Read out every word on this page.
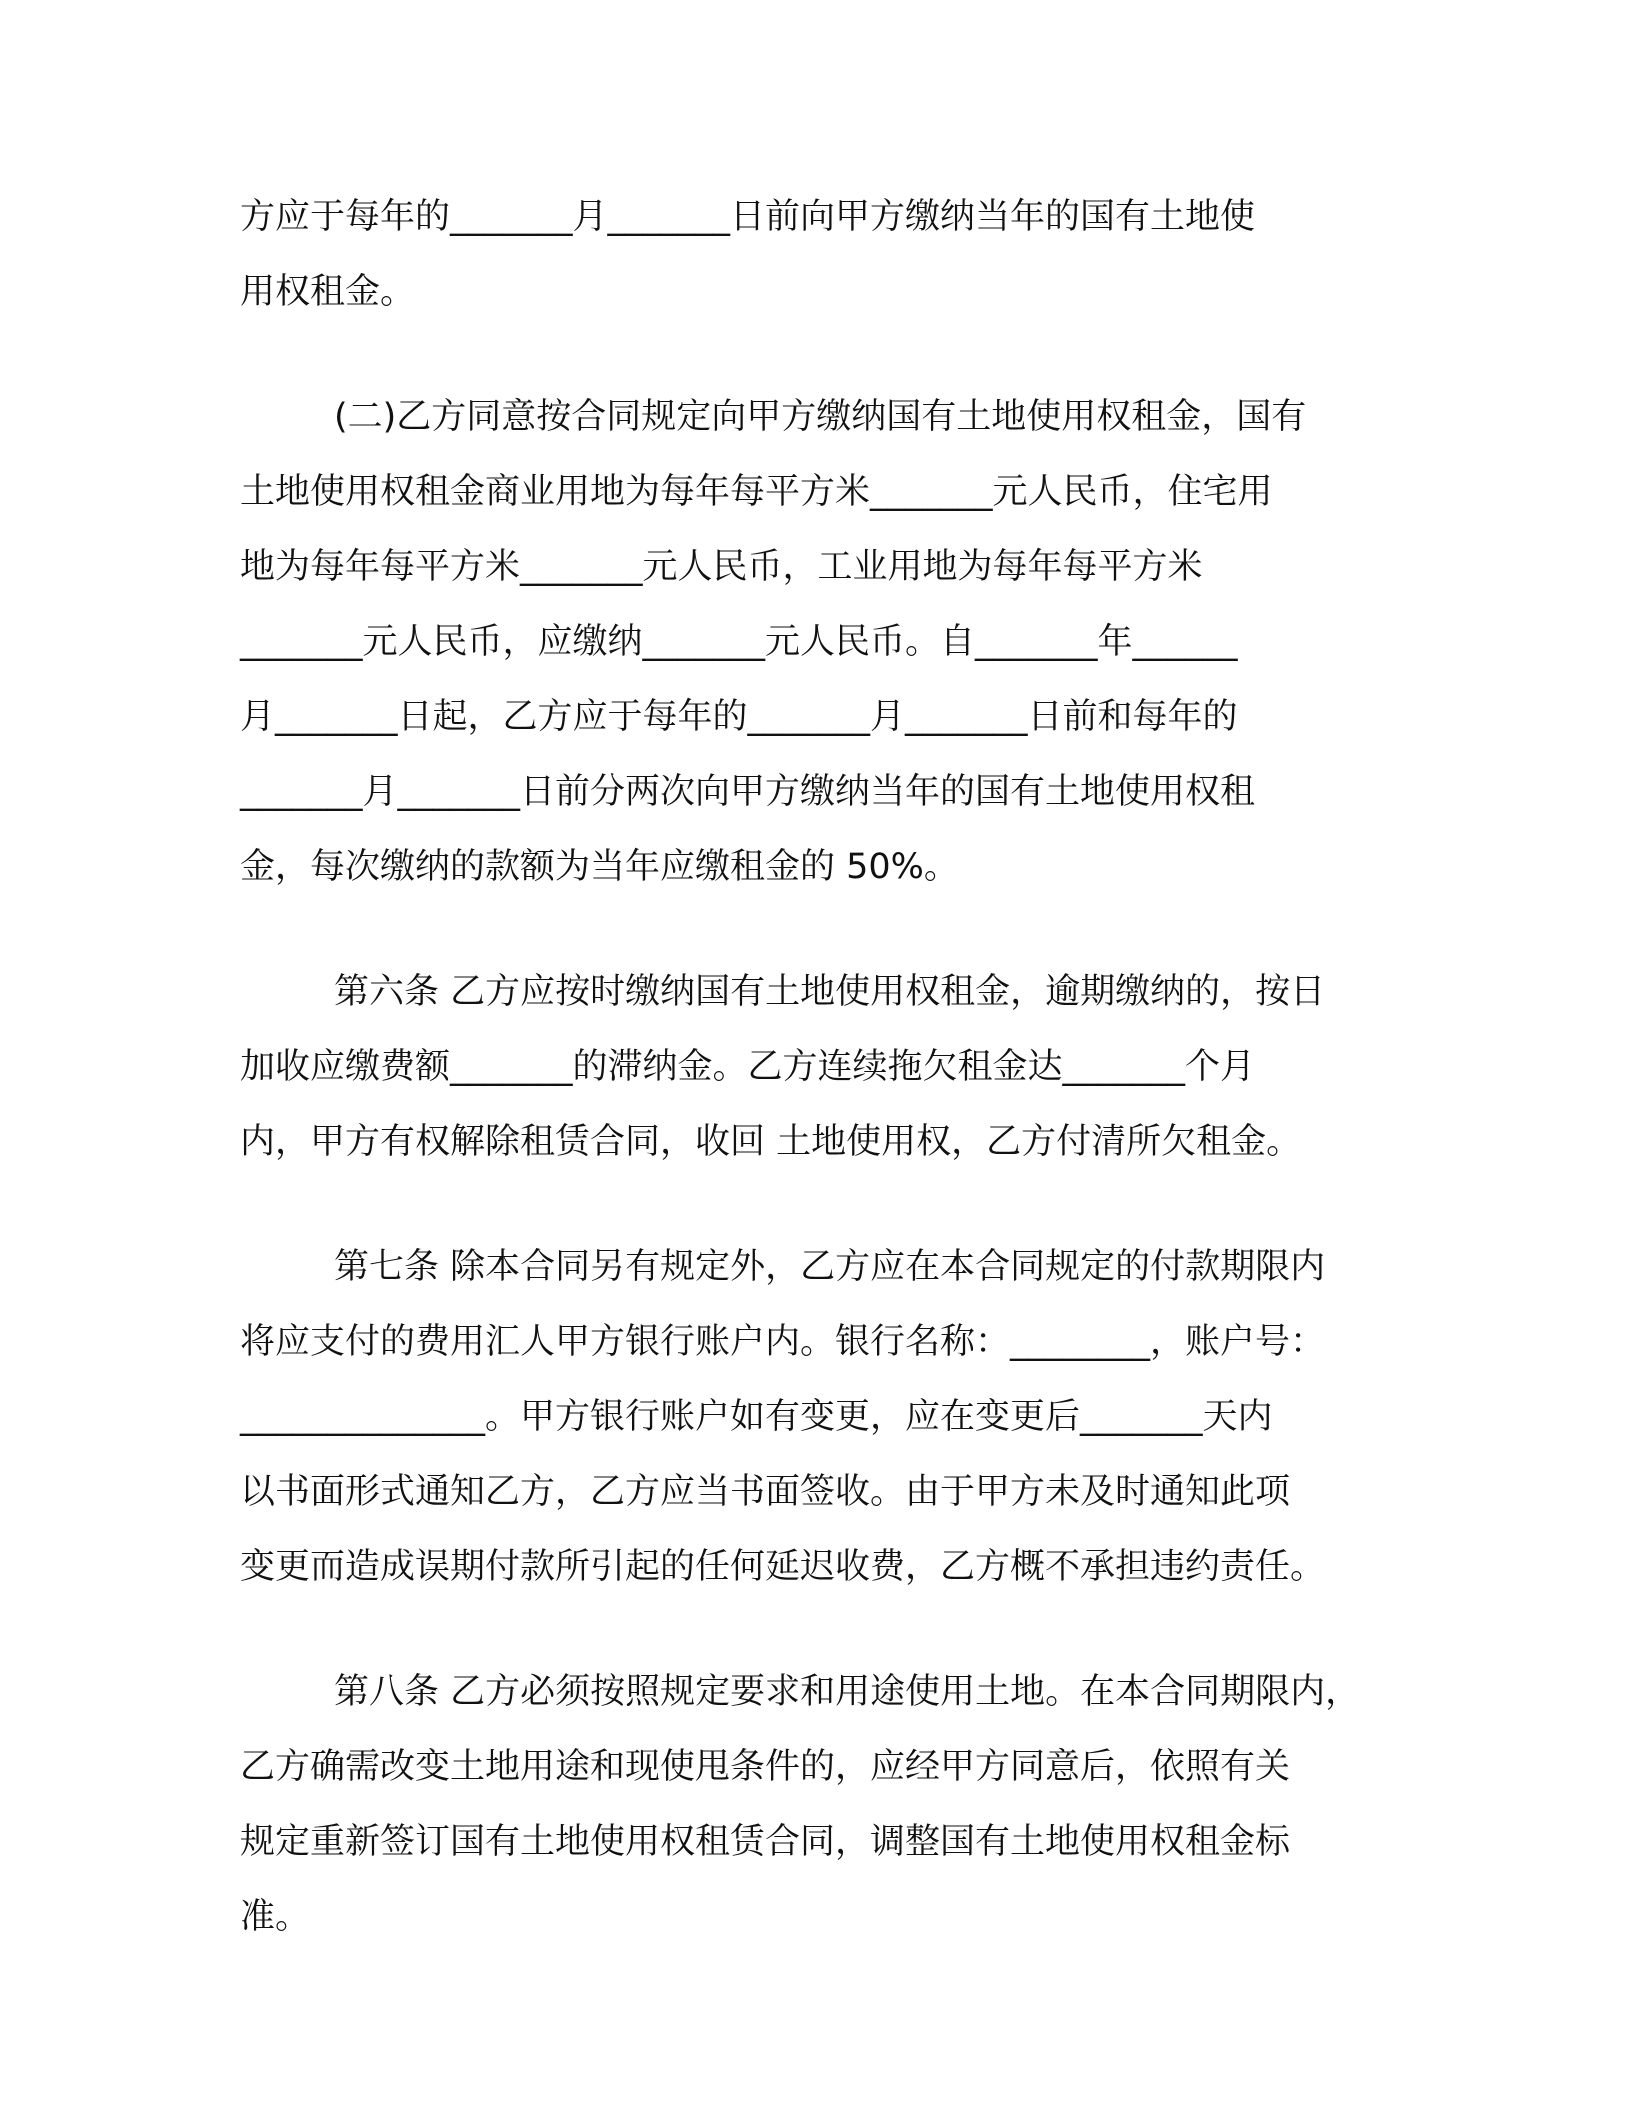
方应于每年的_______月_______日前向甲方缴纳当年的国有土地使
用权租金。
(二)乙方同意按合同规定向甲方缴纳国有土地使用权租金，国有
土地使用权租金商业用地为每年每平方米_______元人民币，住宅用
地为每年每平方米_______元人民币，工业用地为每年每平方米
_______元人民币，应缴纳_______元人民币。自_______年______
月_______日起，乙方应于每年的_______月_______日前和每年的
_______月_______日前分两次向甲方缴纳当年的国有土地使用权租
金，每次缴纳的款额为当年应缴租金的 50%。
第六条 乙方应按时缴纳国有土地使用权租金，逾期缴纳的，按日
加收应缴费额_______的滞纳金。乙方连续拖欠租金达_______个月
内，甲方有权解除租赁合同，收回 土地使用权，乙方付清所欠租金。
第七条 除本合同另有规定外，乙方应在本合同规定的付款期限内
将应支付的费用汇人甲方银行账户内。银行名称：________，账户号：
______________。甲方银行账户如有变更，应在变更后_______天内
以书面形式通知乙方，乙方应当书面签收。由于甲方未及时通知此项
变更而造成误期付款所引起的任何延迟收费，乙方概不承担违约责任。
第八条 乙方必须按照规定要求和用途使用土地。在本合同期限内，
乙方确需改变土地用途和现使甩条件的，应经甲方同意后，依照有关
规定重新签订国有土地使用权租赁合同，调整国有土地使用权租金标
准。
